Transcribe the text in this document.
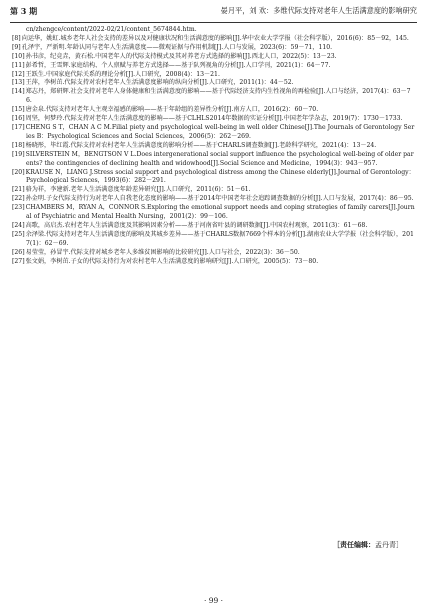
第 3 期	晏月平，刘 欢：多维代际支持对老年人生活满意度的影响研究

cn/zhengce/content/2022-02/21/content_5674844.htm.

[8]向运华，姚虹.城乡老年人社会支持的差异以及对健康状况和生活满意度的影响[J].华中农业大学学报（社会科学版），2016(6)：85－92，145.

[9]孔泽宇，严新明.年龄认同与老年人生活满意度——微观证据与作用机制[J].人口与发展，2023(6)：59－71，110.

[10]孙书彦，纪竞垚，黄石松.中国老年人的代际支持模式及其对养老方式选择的影响[J].西北人口，2022(5)：13－23.

[11]彭希哲，王雪辉.家庭结构、个人禀赋与养老方式选择——基于队列视角的分析[J].人口学刊，2021(1)：64－77.

[12]王跃生.中国家庭代际关系的理论分析[J].人口研究，2008(4)：13－21.

[13]王萍，李树茁.代际支持对农村老年人生活满意度影响的纵向分析[J].人口研究，2011(1)：44－52.

[14]郑志丹，郑研辉.社会支持对老年人身体健康和生活满意度的影响——基于代际经济支持内生性视角的再检验[J].人口与经济，2017(4)：63－76.

[15]唐金泉.代际支持对老年人主观幸福感的影响——基于年龄组的差异性分析[J].南方人口，2016(2)：60－70.

[16]周坚，何梦玲.代际支持对老年人生活满意度的影响——基于CLHLS2014年数据的实证分析[J].中国老年学杂志，2019(7)：1730－1733.

[17]CHENG S T，CHAN A C M.Filial piety and psychological well-being in well older Chinese[J].The Journals of Gerontology Series B：Psychological Sciences and Social Sciences，2006(5)：262－269.

[18]杨晓彤，毕红霞.代际支持对农村老年人生活满意度的影响分析——基于CHARLS调查数据[J].老龄科学研究，2021(4)：13－24.

[19]SILVERSTEIN M，BENGTSON V L.Does intergenerational social support influence the psychological well-being of older parents? the contingencies of declining health and widowhood[J].Social Science and Medicine，1994(3)：943－957.

[20]KRAUSE N，LIANG J.Stress social support and psychological distress among the Chinese elderly[J].Journal of Gerontology：Psychological Sciences，1993(6)：282－291.

[21]骆为祥，李建新.老年人生活满意度年龄差异研究[J].人口研究，2011(6)：51－61.

[22]孙金明.子女代际支持行为对老年人自我老化态度的影响——基于2014年中国老年社会追踪调查数据的分析[J].人口与发展，2017(4)：86－95.

[23]CHAMBERS M，RYAN A，CONNOR S.Exploring the emotional support needs and coping strategies of family carers[J].Journal of Psychiatric and Mental Health Nursing，2001(2)：99－106.

[24]高歌，高启杰.农村老年人生活满意度及其影响因素分析——基于河南省叶县的调研数据[J].中国农村观察，2011(3)：61－68.

[25]余泽梁.代际支持对老年人生活满意度的影响及其城乡差异——基于CHARLS数据7669个样本的分析[J].湖南农业大学学报（社会科学版），2017(1)：62－69.

[26]易莹莹，孙冒宇.代际支持对城乡老年人多维贫困影响的比较研究[J].人口与社会，2022(3)：36－50.

[27]张文娟，李树茁.子女的代际支持行为对农村老年人生活满意度的影响研究[J].人口研究，2005(5)：73－80.

［责任编辑：孟丹青］
· 99 ·
